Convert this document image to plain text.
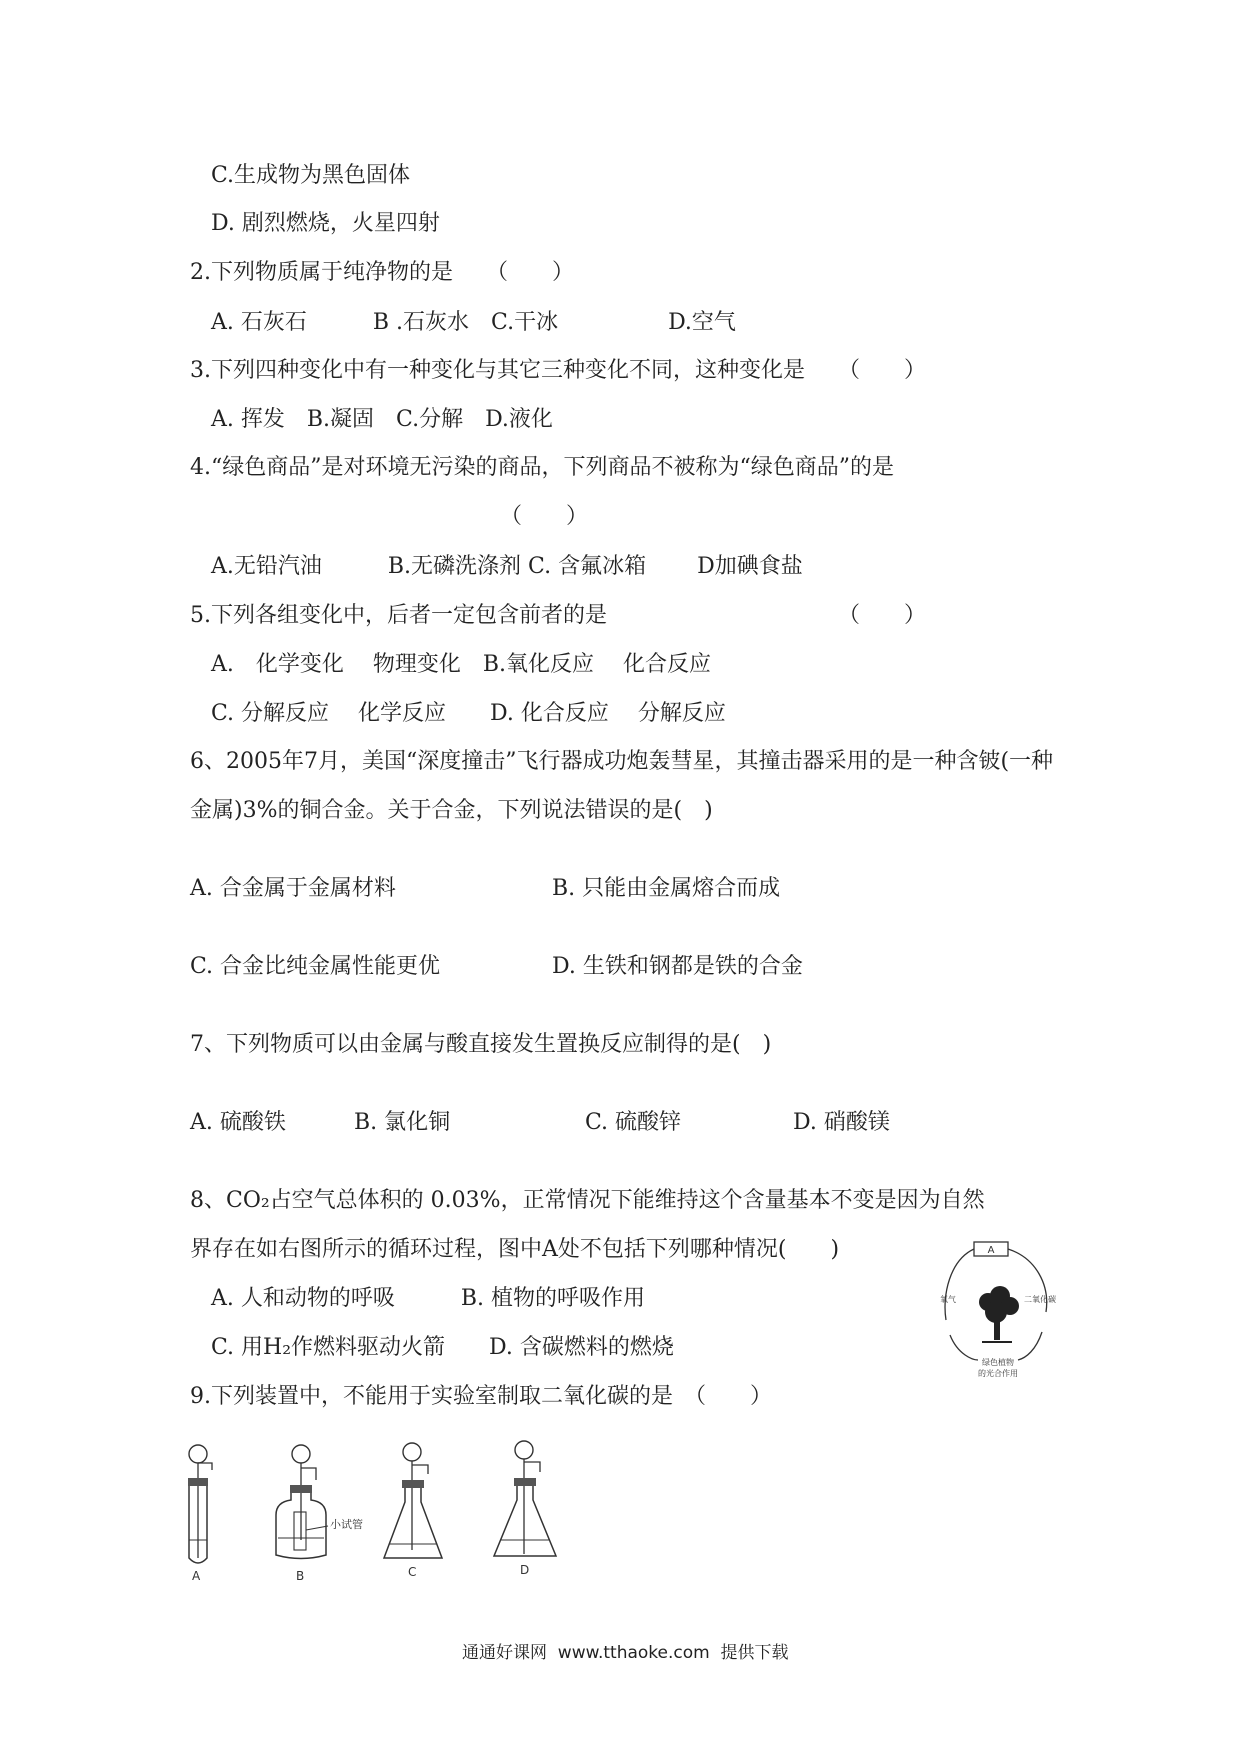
C.生成物为黑色固体
D. 剧烈燃烧，火星四射
2.下列物质属于纯净物的是　　（　　）
A. 石灰石　　　B .石灰水　C.干冰　　　　　D.空气
3.下列四种变化中有一种变化与其它三种变化不同，这种变化是　　（　　）
A. 挥发　B.凝固　C.分解　D.液化
4.“绿色商品”是对环境无污染的商品，下列商品不被称为“绿色商品”的是
（　　）
A.无铅汽油　　　B.无磷洗涤剂 C. 含氟冰箱　　 D加碘食盐
5.下列各组变化中，后者一定包含前者的是　　　　　　　　　　　（　　）
A.　化学变化　 物理变化　B.氧化反应　 化合反应
C. 分解反应　 化学反应　　D. 化合反应　 分解反应
6、2005年7月，美国“深度撞击”飞行器成功炮轰彗星，其撞击器采用的是一种含铍(一种
金属)3%的铜合金。关于合金，下列说法错误的是(　)
A. 合金属于金属材料	B. 只能由金属熔合而成
C. 合金比纯金属性能更优	D. 生铁和钢都是铁的合金
7、下列物质可以由金属与酸直接发生置换反应制得的是(　)
A. 硫酸铁	B. 氯化铜	C. 硫酸锌	D. 硝酸镁
8、CO₂占空气总体积的 0.03%，正常情况下能维持这个含量基本不变是因为自然
界存在如右图所示的循环过程，图中A处不包括下列哪种情况(　　)
A. 人和动物的呼吸　　　B. 植物的呼吸作用
C. 用H₂作燃料驱动火箭　　D. 含碳燃料的燃烧
9.下列装置中，不能用于实验室制取二氧化碳的是　（　　）
A
氧气	二氧化碳
绿色植物
的光合作用
A
小试管
B	C	D
通通好课网  www.tthaoke.com  提供下载
